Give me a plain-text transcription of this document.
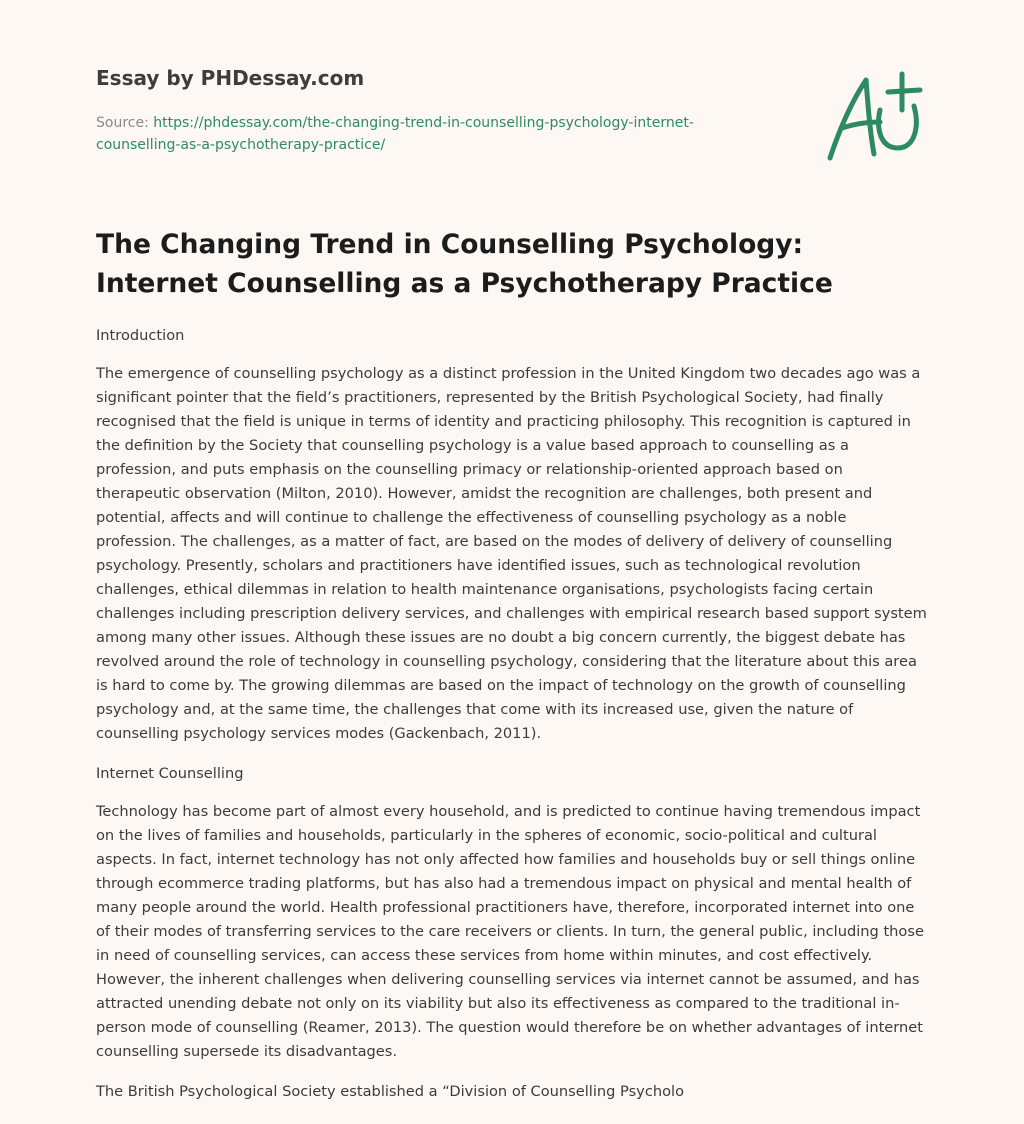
Essay by PHDessay.com
Source: https://phdessay.com/the-changing-trend-in-counselling-psychology-internet-
counselling-as-a-psychotherapy-practice/
The Changing Trend in Counselling Psychology: Internet Counselling as a Psychotherapy Practice

Introduction

The emergence of counselling psychology as a distinct profession in the United Kingdom two decades ago was a significant pointer that the field’s practitioners, represented by the British Psychological Society, had finally recognised that the field is unique in terms of identity and practicing philosophy. This recognition is captured in the definition by the Society that counselling psychology is a value based approach to counselling as a profession, and puts emphasis on the counselling primacy or relationship-oriented approach based on therapeutic observation (Milton, 2010). However, amidst the recognition are challenges, both present and potential, affects and will continue to challenge the effectiveness of counselling psychology as a noble profession. The challenges, as a matter of fact, are based on the modes of delivery of delivery of counselling psychology. Presently, scholars and practitioners have identified issues, such as technological revolution challenges, ethical dilemmas in relation to health maintenance organisations, psychologists facing certain challenges including prescription delivery services, and challenges with empirical research based support system among many other issues. Although these issues are no doubt a big concern currently, the biggest debate has revolved around the role of technology in counselling psychology, considering that the literature about this area is hard to come by. The growing dilemmas are based on the impact of technology on the growth of counselling psychology and, at the same time, the challenges that come with its increased use, given the nature of counselling psychology services modes (Gackenbach, 2011).

Internet Counselling

Technology has become part of almost every household, and is predicted to continue having tremendous impact on the lives of families and households, particularly in the spheres of economic, socio-political and cultural aspects. In fact, internet technology has not only affected how families and households buy or sell things online through ecommerce trading platforms, but has also had a tremendous impact on physical and mental health of many people around the world. Health professional practitioners have, therefore, incorporated internet into one of their modes of transferring services to the care receivers or clients. In turn, the general public, including those in need of counselling services, can access these services from home within minutes, and cost effectively. However, the inherent challenges when delivering counselling services via internet cannot be assumed, and has attracted unending debate not only on its viability but also its effectiveness as compared to the traditional in-person mode of counselling (Reamer, 2013). The question would therefore be on whether advantages of internet counselling supersede its disadvantages.

The British Psychological Society established a “Division of Counselling Psycholo
